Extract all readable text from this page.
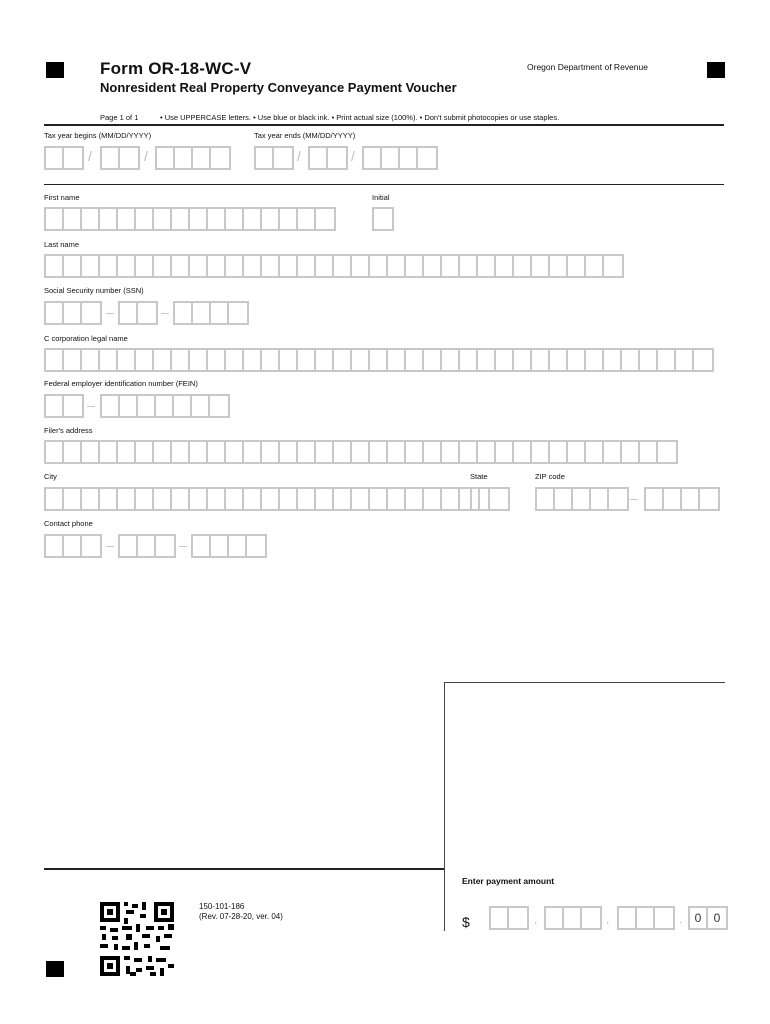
Form OR-18-WC-V
Nonresident Real Property Conveyance Payment Voucher
Oregon Department of Revenue
Page 1 of 1	• Use UPPERCASE letters. • Use blue or black ink. • Print actual size (100%). • Don't submit photocopies or use staples.
Tax year begins (MM/DD/YYYY)	Tax year ends (MM/DD/YYYY)
/	/	/	/
First name	Initial
Last name
Social Security number (SSN)
C corporation legal name
Federal employer identification number (FEIN)
Filer's address
City	State	ZIP code
Contact phone
Enter payment amount
$	,	,	.	0	0
150-101-186
(Rev. 07-28-20, ver. 04)
